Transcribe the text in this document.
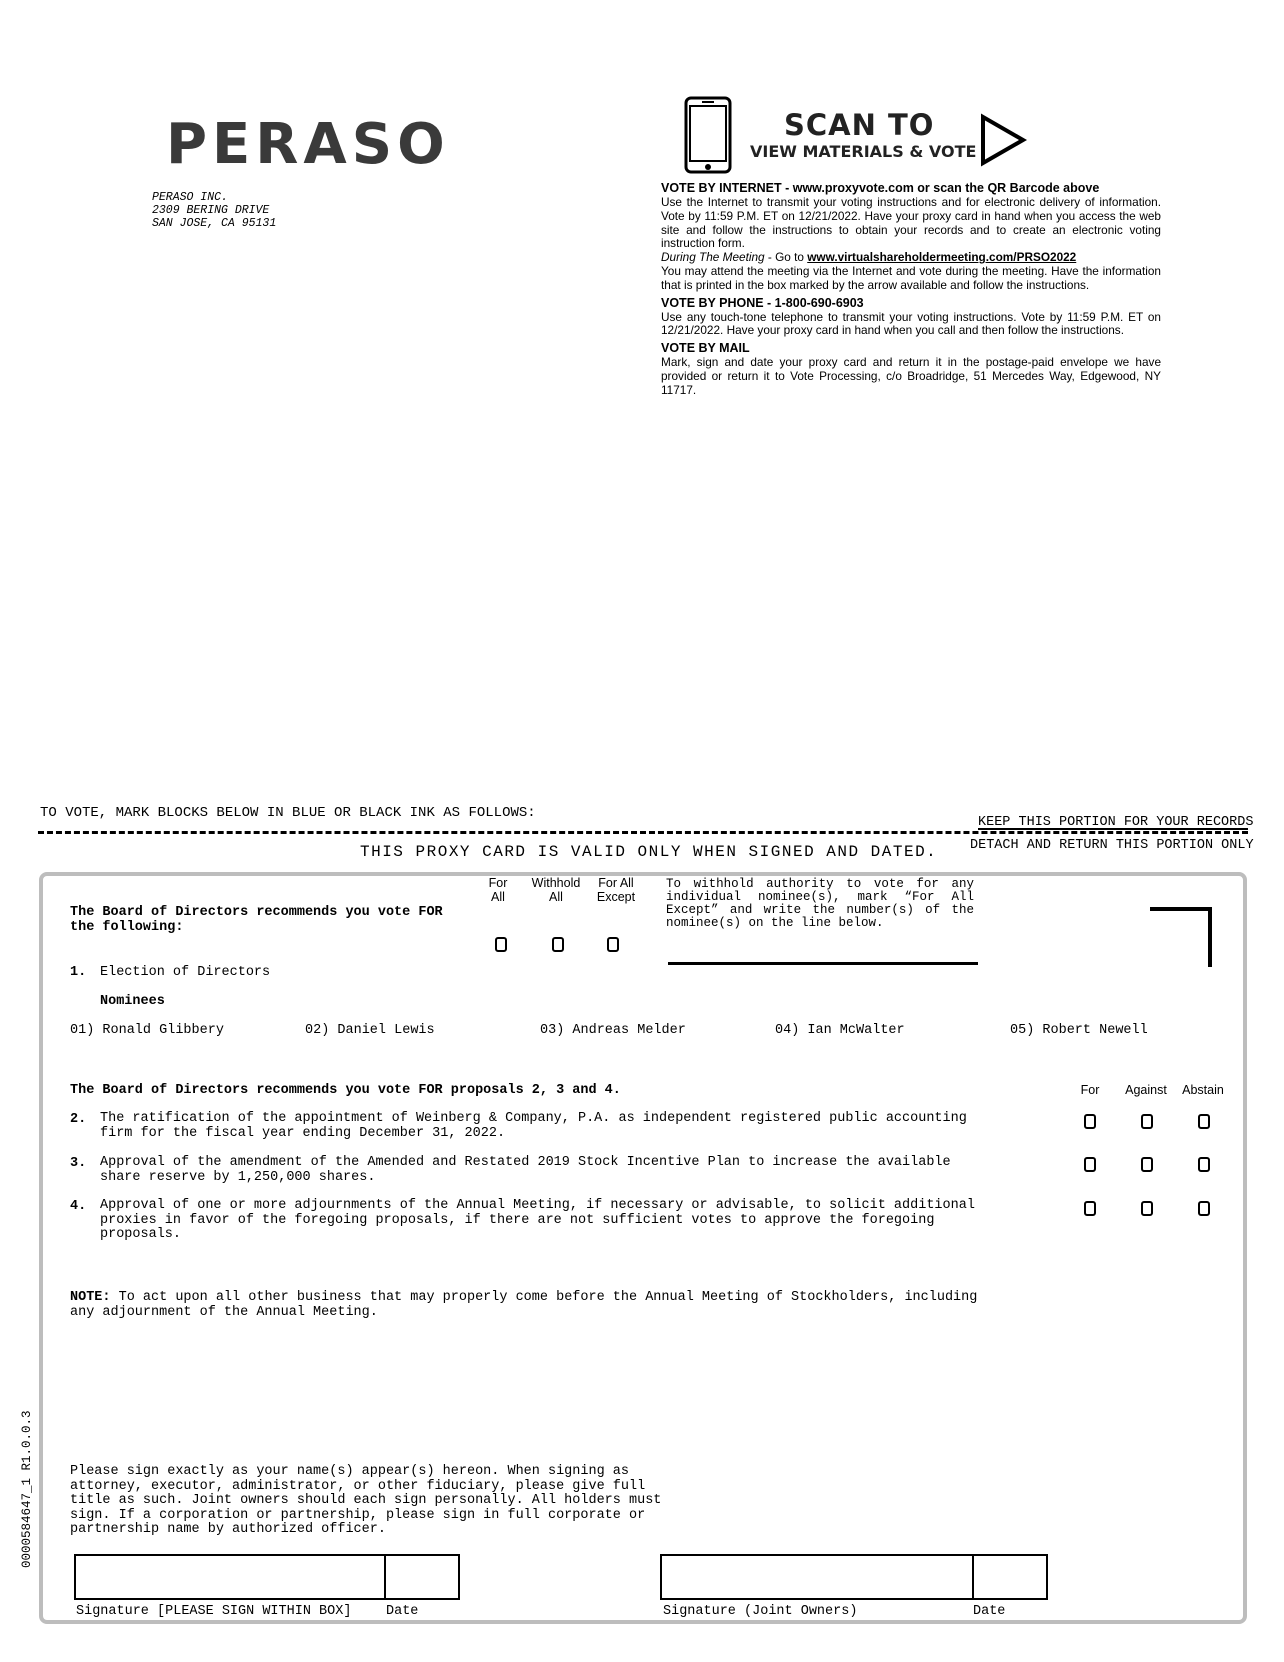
PERASO
PERASO INC.
2309 BERING DRIVE
SAN JOSE, CA 95131
SCAN TO
VIEW MATERIALS & VOTE
VOTE BY INTERNET - www.proxyvote.com or scan the QR Barcode above

Use the Internet to transmit your voting instructions and for electronic delivery of information. Vote by 11:59 P.M. ET on 12/21/2022. Have your proxy card in hand when you access the web site and follow the instructions to obtain your records and to create an electronic voting instruction form.

During The Meeting - Go to www.virtualshareholdermeeting.com/PRSO2022

You may attend the meeting via the Internet and vote during the meeting. Have the information that is printed in the box marked by the arrow available and follow the instructions.

VOTE BY PHONE - 1-800-690-6903

Use any touch-tone telephone to transmit your voting instructions. Vote by 11:59 P.M. ET on 12/21/2022. Have your proxy card in hand when you call and then follow the instructions.

VOTE BY MAIL

Mark, sign and date your proxy card and return it in the postage-paid envelope we have provided or return it to Vote Processing, c/o Broadridge, 51 Mercedes Way, Edgewood, NY 11717.

TO VOTE, MARK BLOCKS BELOW IN BLUE OR BLACK INK AS FOLLOWS:
KEEP THIS PORTION FOR YOUR RECORDS
THIS PROXY CARD IS VALID ONLY WHEN SIGNED AND DATED. DETACH AND RETURN THIS PORTION ONLY
The Board of Directors recommends you vote FOR
the following:
For
All
Withhold
All
For All
Except
To withhold authority to vote for any individual nominee(s), mark “For All Except” and write the number(s) of the nominee(s) on the line below.
1. Election of Directors
Nominees
01) Ronald Glibbery	02) Daniel Lewis	03) Andreas Melder	04) Ian McWalter	05) Robert Newell
The Board of Directors recommends you vote FOR proposals 2, 3 and 4.	For	Against	Abstain
2. The ratification of the appointment of Weinberg & Company, P.A. as independent registered public accounting
firm for the fiscal year ending December 31, 2022.
3. Approval of the amendment of the Amended and Restated 2019 Stock Incentive Plan to increase the available
share reserve by 1,250,000 shares.
4. Approval of one or more adjournments of the Annual Meeting, if necessary or advisable, to solicit additional
proxies in favor of the foregoing proposals, if there are not sufficient votes to approve the foregoing
proposals.
NOTE: To act upon all other business that may properly come before the Annual Meeting of Stockholders, including
any adjournment of the Annual Meeting.
Please sign exactly as your name(s) appear(s) hereon. When signing as
attorney, executor, administrator, or other fiduciary, please give full
title as such. Joint owners should each sign personally. All holders must
sign. If a corporation or partnership, please sign in full corporate or
partnership name by authorized officer.
Signature [PLEASE SIGN WITHIN BOX]	Date	Signature (Joint Owners)	Date
0000584647_1 R1.0.0.3
